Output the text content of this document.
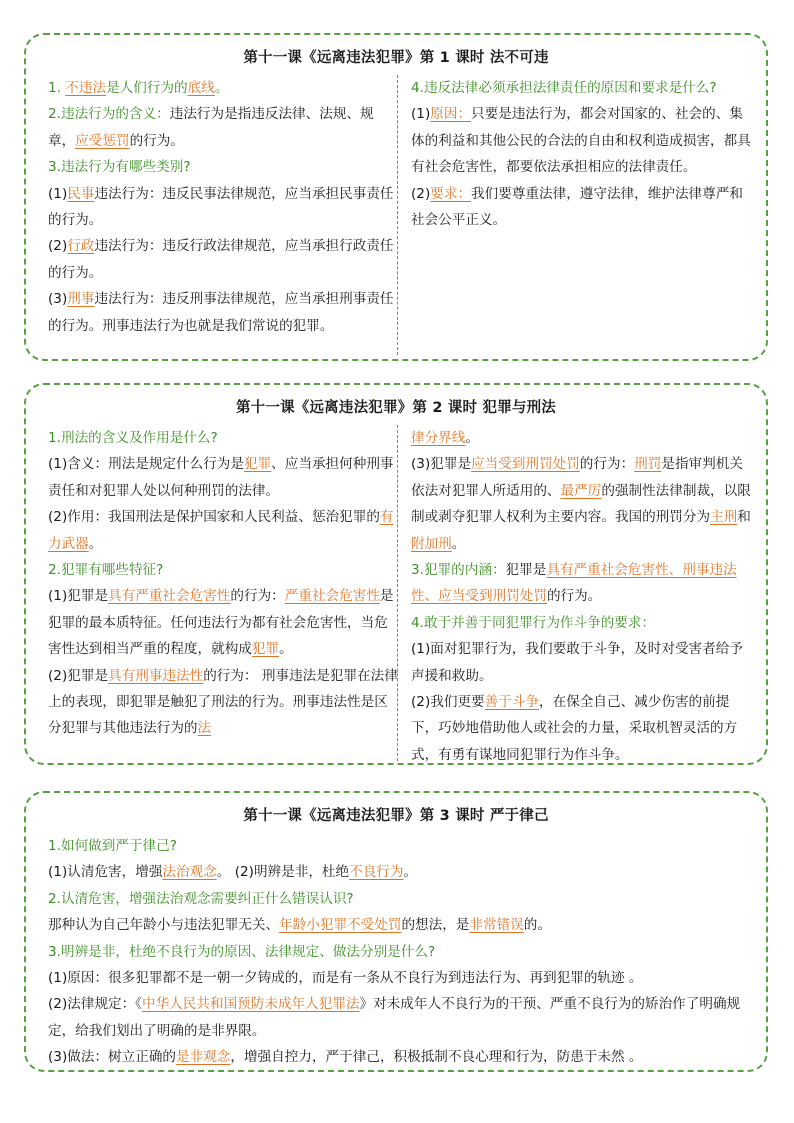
第十一课《远离违法犯罪》第 1 课时 法不可违

1. 不违法是人们行为的底线。

2.违法行为的含义：违法行为是指违反法律、法规、规章，应受惩罚的行为。

3.违法行为有哪些类别?

(1)民事违法行为：违反民事法律规范，应当承担民事责任的行为。

(2)行政违法行为：违反行政法律规范，应当承担行政责任的行为。

(3)刑事违法行为：违反刑事法律规范，应当承担刑事责任的行为。刑事违法行为也就是我们常说的犯罪。

4.违反法律必须承担法律责任的原因和要求是什么?

(1)原因：只要是违法行为，都会对国家的、社会的、集体的利益和其他公民的合法的自由和权利造成损害，都具有社会危害性，都要依法承担相应的法律责任。

(2)要求：我们要尊重法律，遵守法律，维护法律尊严和社会公平正义。

第十一课《远离违法犯罪》第 2 课时 犯罪与刑法

1.刑法的含义及作用是什么?

(1)含义：刑法是规定什么行为是犯罪、应当承担何种刑事责任和对犯罪人处以何种刑罚的法律。

(2)作用：我国刑法是保护国家和人民利益、惩治犯罪的有力武器。

2.犯罪有哪些特征?

(1)犯罪是具有严重社会危害性的行为：严重社会危害性是犯罪的最本质特征。任何违法行为都有社会危害性，当危害性达到相当严重的程度，就构成犯罪。

(2)犯罪是具有刑事违法性的行为： 刑事违法是犯罪在法律上的表现，即犯罪是触犯了刑法的行为。刑事违法性是区分犯罪与其他违法行为的法

律分界线。

(3)犯罪是应当受到刑罚处罚的行为：刑罚是指审判机关依法对犯罪人所适用的、最严厉的强制性法律制裁，以限制或剥夺犯罪人权利为主要内容。我国的刑罚分为主刑和附加刑。

3.犯罪的内涵：犯罪是具有严重社会危害性、刑事违法性、应当受到刑罚处罚的行为。

4.敢于并善于同犯罪行为作斗争的要求：

(1)面对犯罪行为，我们要敢于斗争，及时对受害者给予声援和救助。

(2)我们更要善于斗争，在保全自己、减少伤害的前提下，巧妙地借助他人或社会的力量，采取机智灵活的方式，有勇有谋地同犯罪行为作斗争。

第十一课《远离违法犯罪》第 3 课时 严于律己

1.如何做到严于律己?

(1)认清危害，增强法治观念。 (2)明辨是非，杜绝不良行为。

2.认清危害，增强法治观念需要纠正什么错误认识?

那种认为自己年龄小与违法犯罪无关、年龄小犯罪不受处罚的想法，是非常错误的。

3.明辨是非，杜绝不良行为的原因、法律规定、做法分别是什么?

(1)原因：很多犯罪都不是一朝一夕铸成的，而是有一条从不良行为到违法行为、再到犯罪的轨迹 。

(2)法律规定：《中华人民共和国预防未成年人犯罪法》对未成年人不良行为的干预、严重不良行为的矫治作了明确规定，给我们划出了明确的是非界限。

(3)做法：树立正确的是非观念，增强自控力，严于律己，积极抵制不良心理和行为，防患于未然 。
